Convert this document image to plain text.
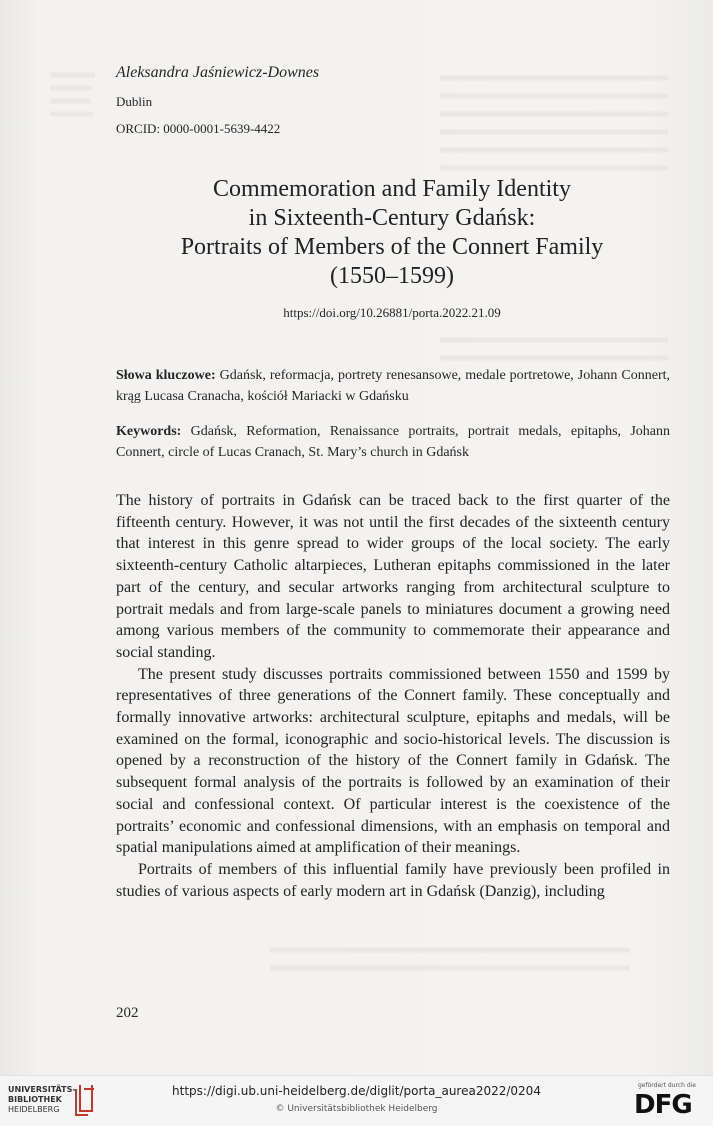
Aleksandra Jaśniewicz-Downes
Dublin
ORCID: 0000-0001-5639-4422
Commemoration and Family Identity
in Sixteenth-Century Gdańsk:
Portraits of Members of the Connert Family
(1550–1599)
https://doi.org/10.26881/porta.2022.21.09
Słowa kluczowe: Gdańsk, reformacja, portrety renesansowe, medale portretowe, Johann Connert, krąg Lucasa Cranacha, kościół Mariacki w Gdańsku
Keywords: Gdańsk, Reformation, Renaissance portraits, portrait medals, epitaphs, Johann Connert, circle of Lucas Cranach, St. Mary’s church in Gdańsk

The history of portraits in Gdańsk can be traced back to the first quarter of the fifteenth century. However, it was not until the first decades of the sixteenth century that interest in this genre spread to wider groups of the local society. The early sixteenth-century Catholic altarpieces, Lutheran epitaphs commissioned in the later part of the century, and secular artworks ranging from architectural sculpture to portrait medals and from large-scale panels to miniatures document a growing need among various members of the community to commemorate their appearance and social standing.

The present study discusses portraits commissioned between 1550 and 1599 by representatives of three generations of the Connert family. These conceptually and formally innovative artworks: architectural sculpture, epitaphs and medals, will be examined on the formal, iconographic and socio-historical levels. The discussion is opened by a reconstruction of the history of the Connert family in Gdańsk. The subsequent formal analysis of the portraits is followed by an examination of their social and confessional context. Of particular interest is the coexistence of the portraits’ economic and confessional dimensions, with an emphasis on temporal and spatial manipulations aimed at amplification of their meanings.

Portraits of members of this influential family have previously been profiled in studies of various aspects of early modern art in Gdańsk (Danzig), including

202
UNIVERSITÄTS-
BIBLIOTHEK
HEIDELBERG
https://digi.ub.uni-heidelberg.de/diglit/porta_aurea2022/0204
© Universitätsbibliothek Heidelberg
gefördert durch die
DFG
